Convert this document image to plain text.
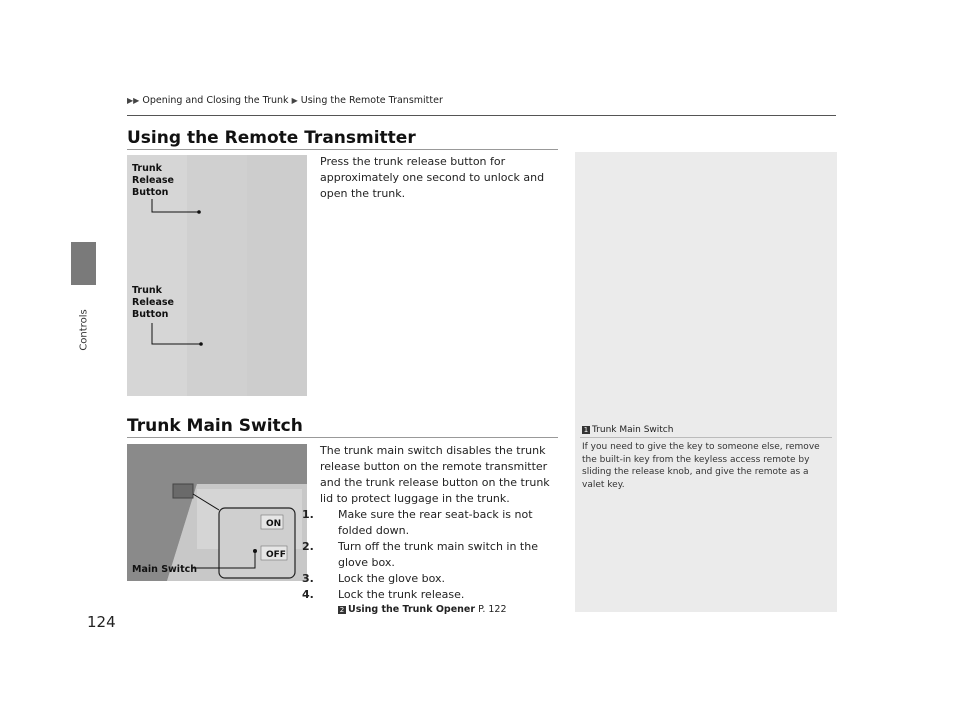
Controls
▶▶ Opening and Closing the Trunk ▶ Using the Remote Transmitter
Using the Remote Transmitter
Trunk Release Button
Trunk Release Button
Press the trunk release button for approximately one second to unlock and open the trunk.
Trunk Main Switch
ON
OFF
Main Switch
The trunk main switch disables the trunk release button on the remote transmitter and the trunk release button on the trunk lid to protect luggage in the trunk.
1. Make sure the rear seat-back is not folded down.
2. Turn off the trunk main switch in the glove box.
3. Lock the glove box.
4. Lock the trunk release.
2 Using the Trunk Opener P. 122
1 Trunk Main Switch
If you need to give the key to someone else, remove the built-in key from the keyless access remote by sliding the release knob, and give the remote as a valet key.
124
